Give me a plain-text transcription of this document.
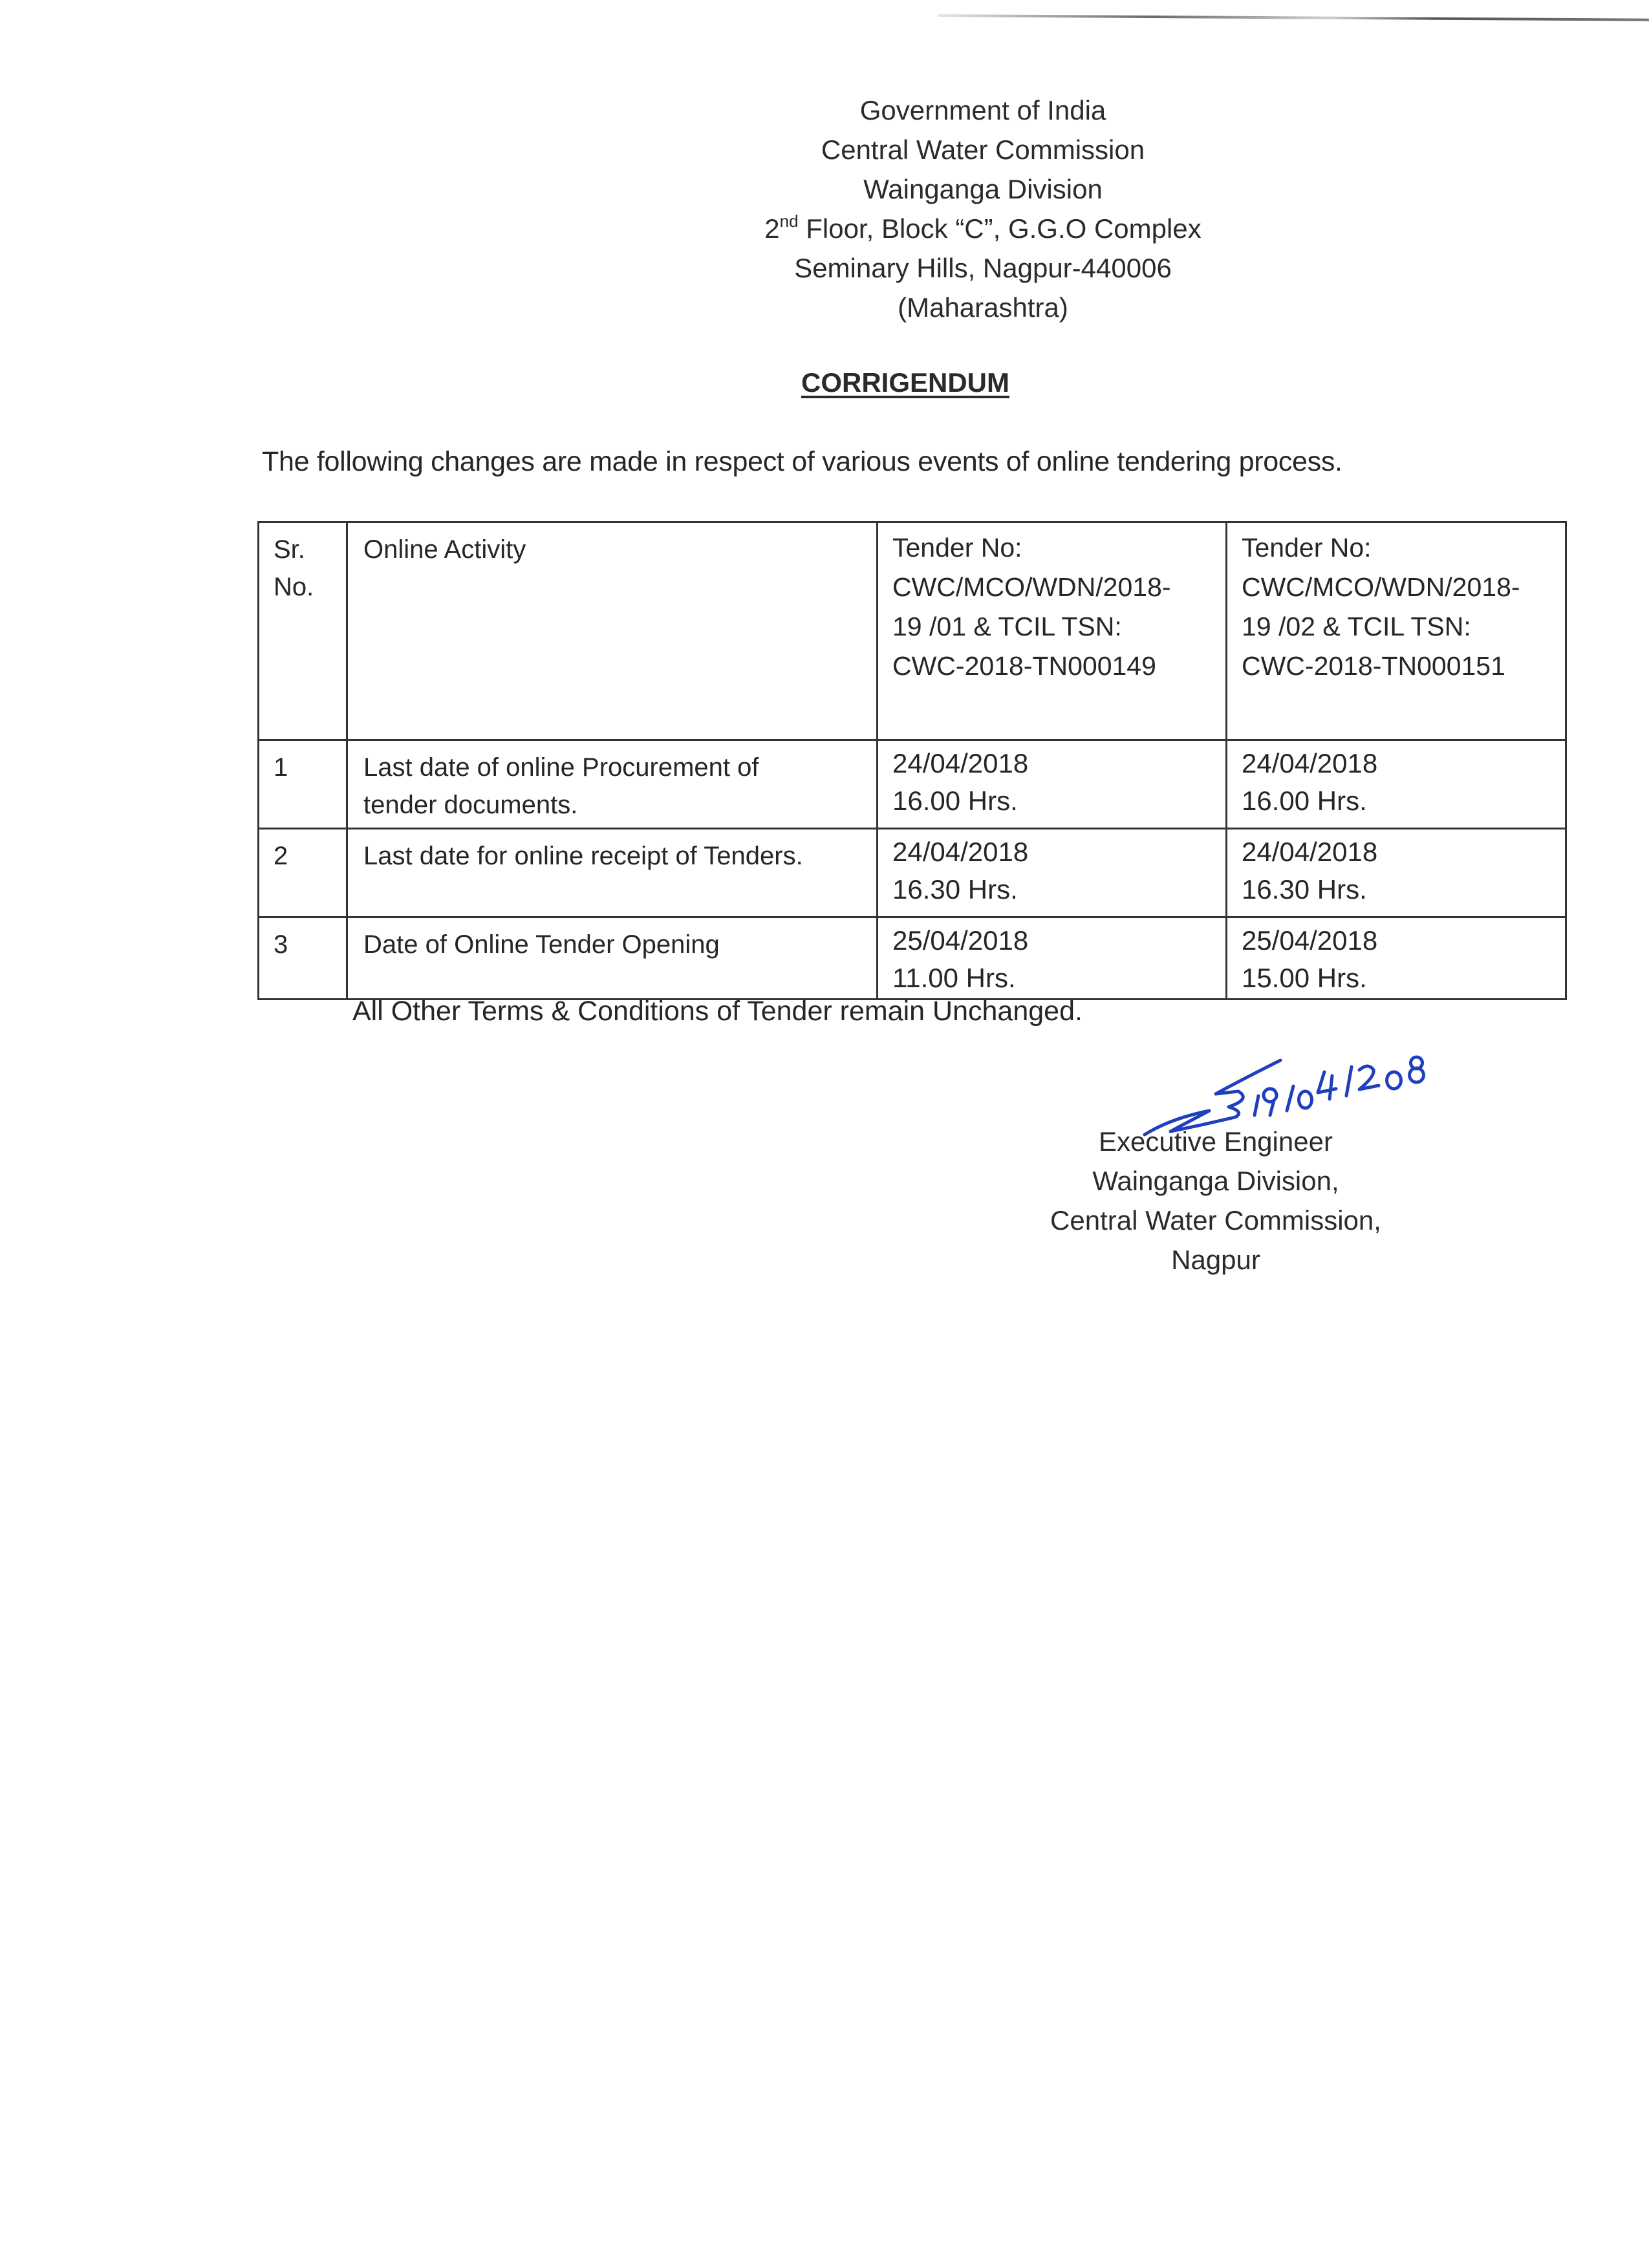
Government of India
Central Water Commission
Wainganga Division
2nd Floor, Block “C”, G.G.O Complex
Seminary Hills, Nagpur-440006
(Maharashtra)
CORRIGENDUM
The following changes are made in respect of various events of online tendering process.
Sr.
No.	Online Activity	Tender No:
CWC/MCO/WDN/2018-
19 /01 & TCIL TSN:
CWC-2018-TN000149	Tender No:
CWC/MCO/WDN/2018-
19 /02 & TCIL TSN:
CWC-2018-TN000151

1	Last date of online Procurement of
tender documents.	24/04/2018
16.00 Hrs.	24/04/2018
16.00 Hrs.

2	Last date for online receipt of Tenders.	24/04/2018
16.30 Hrs.	24/04/2018
16.30 Hrs.

3	Date of Online Tender Opening	25/04/2018
11.00 Hrs.	25/04/2018
15.00 Hrs.
All Other Terms & Conditions of Tender remain Unchanged.
Executive Engineer
Wainganga Division,
Central Water Commission,
Nagpur
